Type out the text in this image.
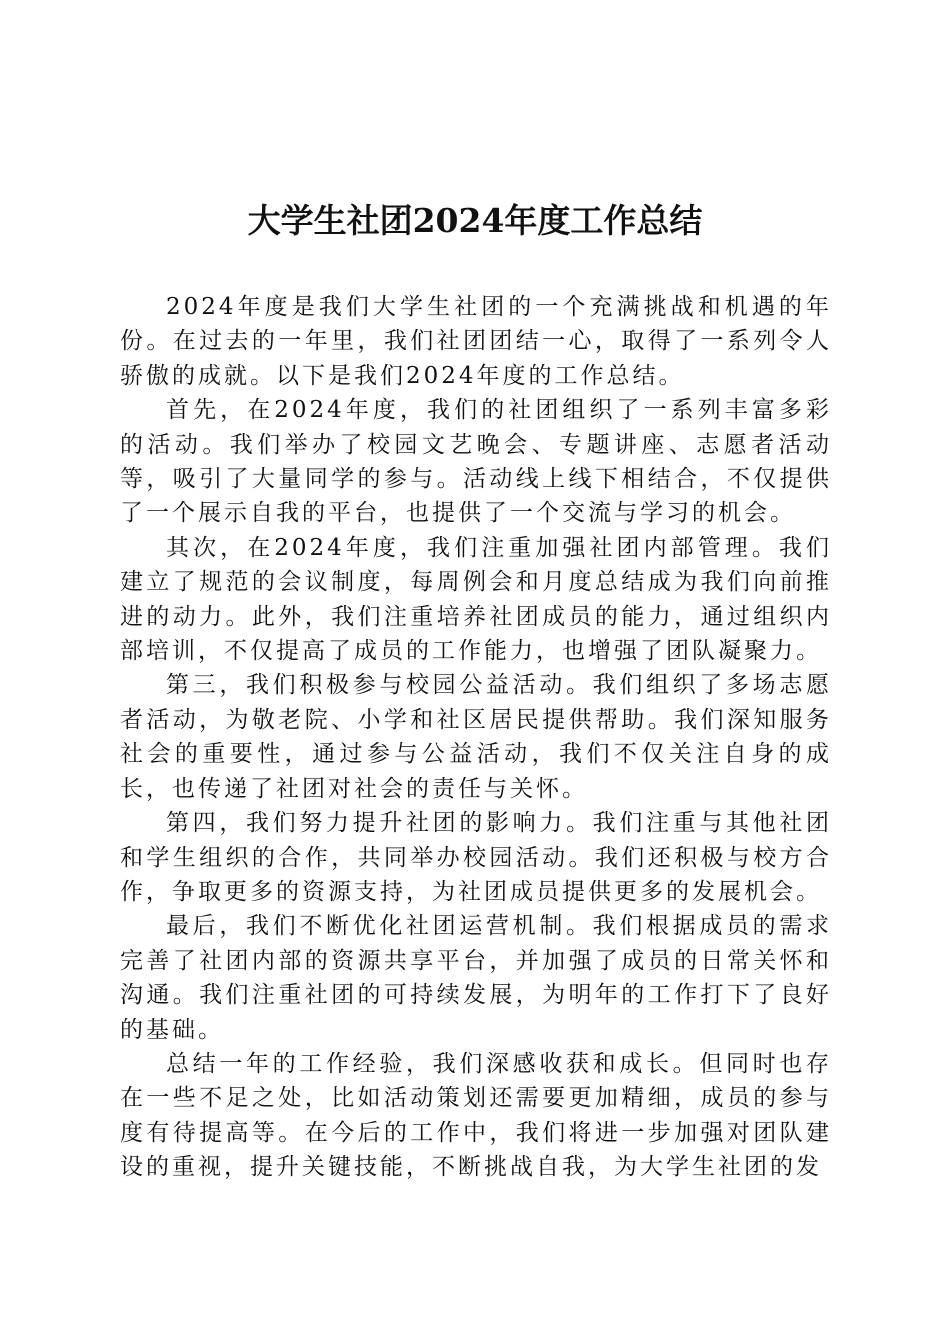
大学生社团2024年度工作总结

2024年度是我们大学生社团的一个充满挑战和机遇的年份。在过去的一年里，我们社团团结一心，取得了一系列令人骄傲的成就。以下是我们2024年度的工作总结。

首先，在2024年度，我们的社团组织了一系列丰富多彩的活动。我们举办了校园文艺晚会、专题讲座、志愿者活动等，吸引了大量同学的参与。活动线上线下相结合，不仅提供了一个展示自我的平台，也提供了一个交流与学习的机会。

其次，在2024年度，我们注重加强社团内部管理。我们建立了规范的会议制度，每周例会和月度总结成为我们向前推进的动力。此外，我们注重培养社团成员的能力，通过组织内部培训，不仅提高了成员的工作能力，也增强了团队凝聚力。

第三，我们积极参与校园公益活动。我们组织了多场志愿者活动，为敬老院、小学和社区居民提供帮助。我们深知服务社会的重要性，通过参与公益活动，我们不仅关注自身的成长，也传递了社团对社会的责任与关怀。

第四，我们努力提升社团的影响力。我们注重与其他社团和学生组织的合作，共同举办校园活动。我们还积极与校方合作，争取更多的资源支持，为社团成员提供更多的发展机会。

最后，我们不断优化社团运营机制。我们根据成员的需求完善了社团内部的资源共享平台，并加强了成员的日常关怀和沟通。我们注重社团的可持续发展，为明年的工作打下了良好的基础。

总结一年的工作经验，我们深感收获和成长。但同时也存在一些不足之处，比如活动策划还需要更加精细，成员的参与度有待提高等。在今后的工作中，我们将进一步加强对团队建设的重视，提升关键技能，不断挑战自我，为大学生社团的发
